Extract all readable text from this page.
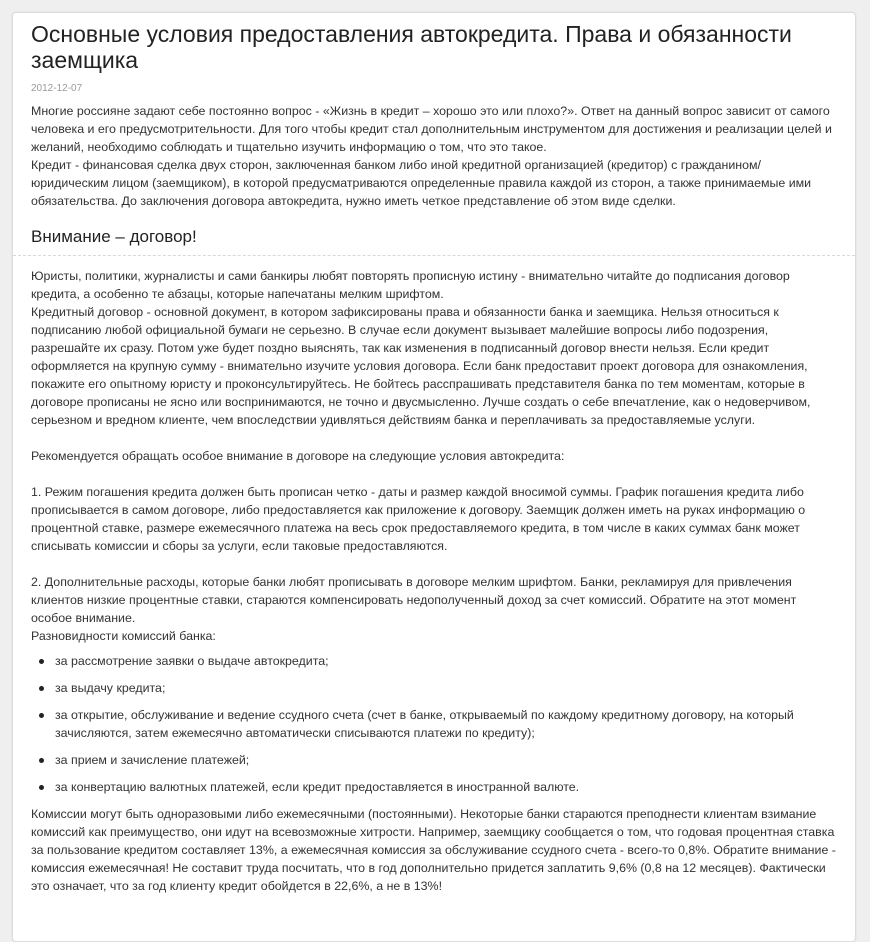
Основные условия предоставления автокредита. Права и обязанности заемщика
2012-12-07

Многие россияне задают себе постоянно вопрос - «Жизнь в кредит – хорошо это или плохо?». Ответ на данный вопрос зависит от самого человека и его предусмотрительности. Для того чтобы кредит стал дополнительным инструментом для достижения и реализации целей и желаний, необходимо соблюдать и тщательно изучить информацию о том, что это такое.

Кредит - финансовая сделка двух сторон, заключенная банком либо иной кредитной организацией (кредитор) с гражданином/юридическим лицом (заемщиком), в которой предусматриваются определенные правила каждой из сторон, а также принимаемые ими обязательства. До заключения договора автокредита, нужно иметь четкое представление об этом виде сделки.

Внимание – договор!

Юристы, политики, журналисты и сами банкиры любят повторять прописную истину - внимательно читайте до подписания договор кредита, а особенно те абзацы, которые напечатаны мелким шрифтом.

Кредитный договор - основной документ, в котором зафиксированы права и обязанности банка и заемщика. Нельзя относиться к подписанию любой официальной бумаги не серьезно. В случае если документ вызывает малейшие вопросы либо подозрения, разрешайте их сразу. Потом уже будет поздно выяснять, так как изменения в подписанный договор внести нельзя. Если кредит оформляется на крупную сумму - внимательно изучите условия договора. Если банк предоставит проект договора для ознакомления, покажите его опытному юристу и проконсультируйтесь. Не бойтесь расспрашивать представителя банка по тем моментам, которые в договоре прописаны не ясно или воспринимаются, не точно и двусмысленно. Лучше создать о себе впечатление, как о недоверчивом, серьезном и вредном клиенте, чем впоследствии удивляться действиям банка и переплачивать за предоставляемые услуги.

Рекомендуется обращать особое внимание в договоре на следующие условия автокредита:

1. Режим погашения кредита должен быть прописан четко - даты и размер каждой вносимой суммы. График погашения кредита либо прописывается в самом договоре, либо предоставляется как приложение к договору. Заемщик должен иметь на руках информацию о процентной ставке, размере ежемесячного платежа на весь срок предоставляемого кредита, в том числе в каких суммах банк может списывать комиссии и сборы за услуги, если таковые предоставляются.

2. Дополнительные расходы, которые банки любят прописывать в договоре мелким шрифтом. Банки, рекламируя для привлечения клиентов низкие процентные ставки, стараются компенсировать недополученный доход за счет комиссий. Обратите на этот момент особое внимание.

Разновидности комиссий банка:

за рассмотрение заявки о выдаче автокредита;
за выдачу кредита;
за открытие, обслуживание и ведение ссудного счета (счет в банке, открываемый по каждому кредитному договору, на который зачисляются, затем ежемесячно автоматически списываются платежи по кредиту);
за прием и зачисление платежей;
за конвертацию валютных платежей, если кредит предоставляется в иностранной валюте.

Комиссии могут быть одноразовыми либо ежемесячными (постоянными). Некоторые банки стараются преподнести клиентам взимание комиссий как преимущество, они идут на всевозможные хитрости. Например, заемщику сообщается о том, что годовая процентная ставка за пользование кредитом составляет 13%, а ежемесячная комиссия за обслуживание ссудного счета - всего-то 0,8%. Обратите внимание - комиссия ежемесячная! Не составит труда посчитать, что в год дополнительно придется заплатить 9,6% (0,8 на 12 месяцев). Фактически это означает, что за год клиенту кредит обойдется в 22,6%, а не в 13%!
